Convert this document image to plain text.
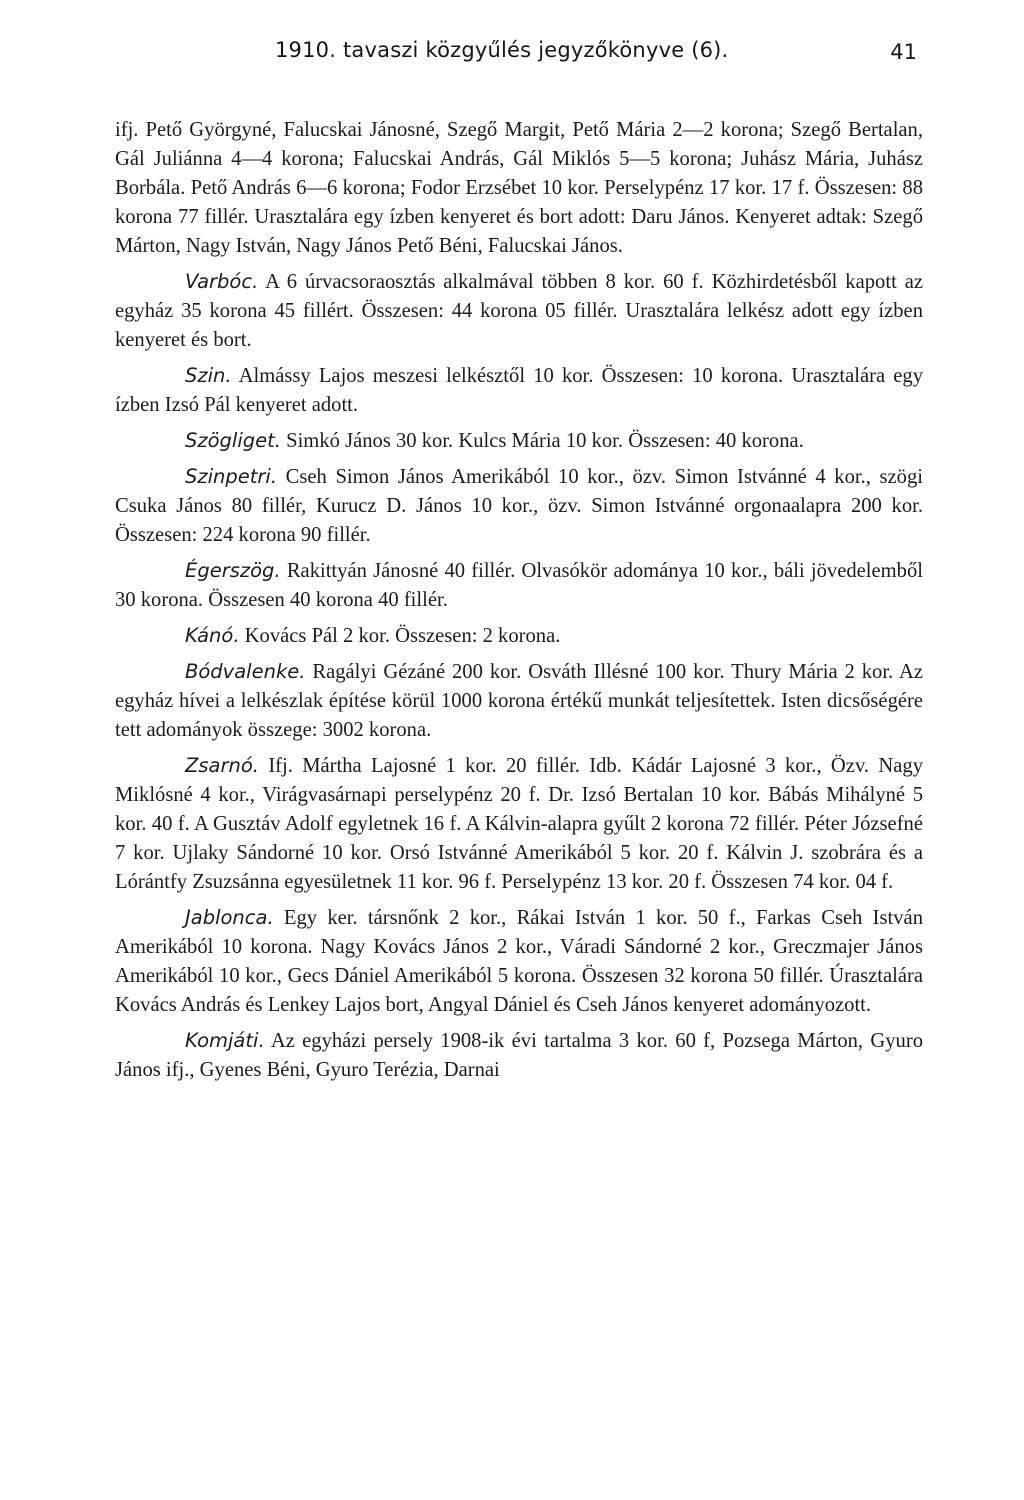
1910. tavaszi közgyűlés jegyzőkönyve (6).	41

ifj. Pető Györgyné, Falucskai Jánosné, Szegő Margit, Pető Mária 2—2 korona; Szegő Bertalan, Gál Juliánna 4—4 korona; Falucskai András, Gál Miklós 5—5 korona; Juhász Mária, Juhász Borbála. Pető András 6—6 korona; Fodor Erzsébet 10 kor. Perselypénz 17 kor. 17 f. Összesen: 88 korona 77 fillér. Urasztalára egy ízben kenyeret és bort adott: Daru János. Kenyeret adtak: Szegő Márton, Nagy István, Nagy János Pető Béni, Falucskai János.

Varbóc. A 6 úrvacsoraosztás alkalmával többen 8 kor. 60 f. Közhirdetésből kapott az egyház 35 korona 45 fillért. Összesen: 44 korona 05 fillér. Urasztalára lelkész adott egy ízben kenyeret és bort.

Szin. Almássy Lajos meszesi lelkésztől 10 kor. Összesen: 10 korona. Urasztalára egy ízben Izsó Pál kenyeret adott.

Szögliget. Simkó János 30 kor. Kulcs Mária 10 kor. Összesen: 40 korona.

Szinpetri. Cseh Simon János Amerikából 10 kor., özv. Simon Istvánné 4 kor., szögi Csuka János 80 fillér, Kurucz D. János 10 kor., özv. Simon Istvánné orgonaalapra 200 kor. Összesen: 224 korona 90 fillér.

Égerszög. Rakittyán Jánosné 40 fillér. Olvasókör adománya 10 kor., báli jövedelemből 30 korona. Összesen 40 korona 40 fillér.

Kánó. Kovács Pál 2 kor. Összesen: 2 korona.

Bódvalenke. Ragályi Gézáné 200 kor. Osváth Illésné 100 kor. Thury Mária 2 kor. Az egyház hívei a lelkészlak építése körül 1000 korona értékű munkát teljesítettek. Isten dicsőségére tett adományok összege: 3002 korona.

Zsarnó. Ifj. Mártha Lajosné 1 kor. 20 fillér. Idb. Kádár Lajosné 3 kor., Özv. Nagy Miklósné 4 kor., Virágvasárnapi perselypénz 20 f. Dr. Izsó Bertalan 10 kor. Bábás Mihályné 5 kor. 40 f. A Gusztáv Adolf egyletnek 16 f. A Kálvin-alapra gyűlt 2 korona 72 fillér. Péter Józsefné 7 kor. Ujlaky Sándorné 10 kor. Orsó Istvánné Amerikából 5 kor. 20 f. Kálvin J. szobrára és a Lórántfy Zsuzsánna egyesületnek 11 kor. 96 f. Perselypénz 13 kor. 20 f. Összesen 74 kor. 04 f.

Jablonca. Egy ker. társnőnk 2 kor., Rákai István 1 kor. 50 f., Farkas Cseh István Amerikából 10 korona. Nagy Kovács János 2 kor., Váradi Sándorné 2 kor., Greczmajer János Amerikából 10 kor., Gecs Dániel Amerikából 5 korona. Összesen 32 korona 50 fillér. Úrasztalára Kovács András és Lenkey Lajos bort, Angyal Dániel és Cseh János kenyeret adományozott.

Komjáti. Az egyházi persely 1908-ik évi tartalma 3 kor. 60 f, Pozsega Márton, Gyuro János ifj., Gyenes Béni, Gyuro Terézia, Darnai
